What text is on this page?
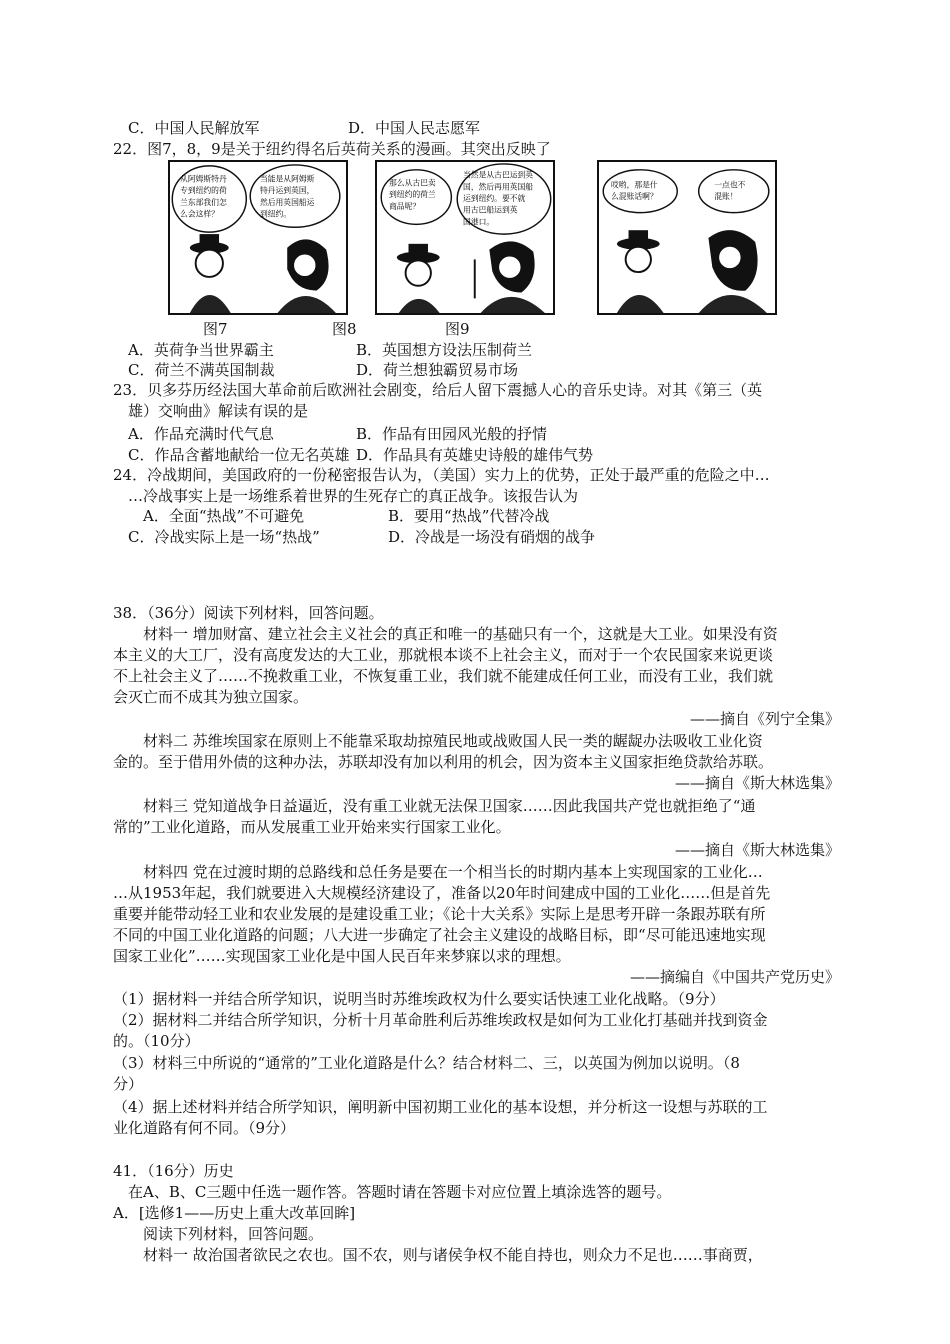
C．中国人民解放军	D．中国人民志愿军
22．图7，8，9是关于纽约得名后英荷关系的漫画。其突出反映了
从阿姆斯特丹
专到纽约的荷
兰东部我们怎
么会这样？
当能是从阿姆斯
特丹运到英国，
然后用英国船运
到纽约。
那么从古巴卖
到纽约的荷兰
商品呢？
当然是从古巴运到英
国，然后再用英国船
运到纽约。要不就
用古巴船运到英
国港口。
哎哟，那是什
么混账话啊？
一点也不
混账！
图7	图8	图9
A．英荷争当世界霸主	B．英国想方设法压制荷兰
C．荷兰不满英国制裁	D．荷兰想独霸贸易市场
23．贝多芬历经法国大革命前后欧洲社会剧变，给后人留下震撼人心的音乐史诗。对其《第三（英
雄）交响曲》解读有误的是
A．作品充满时代气息	B．作品有田园风光般的抒情
C．作品含蓄地献给一位无名英雄 D．作品具有英雄史诗般的雄伟气势
24．冷战期间，美国政府的一份秘密报告认为，（美国）实力上的优势，正处于最严重的危险之中…
…冷战事实上是一场维系着世界的生死存亡的真正战争。该报告认为
A．全面“热战”不可避免	B．要用“热战”代替冷战
C．冷战实际上是一场“热战”	D．冷战是一场没有硝烟的战争
38．（36分）阅读下列材料，回答问题。
材料一 增加财富、建立社会主义社会的真正和唯一的基础只有一个，这就是大工业。如果没有资
本主义的大工厂，没有高度发达的大工业，那就根本谈不上社会主义，而对于一个农民国家来说更谈
不上社会主义了……不挽救重工业，不恢复重工业，我们就不能建成任何工业，而没有工业，我们就
会灭亡而不成其为独立国家。
——摘自《列宁全集》
材料二 苏维埃国家在原则上不能靠采取劫掠殖民地或战败国人民一类的龌龊办法吸收工业化资
金的。至于借用外债的这种办法，苏联却没有加以利用的机会，因为资本主义国家拒绝贷款给苏联。
——摘自《斯大林选集》
材料三 党知道战争日益逼近，没有重工业就无法保卫国家……因此我国共产党也就拒绝了“通
常的”工业化道路，而从发展重工业开始来实行国家工业化。
——摘自《斯大林选集》
材料四 党在过渡时期的总路线和总任务是要在一个相当长的时期内基本上实现国家的工业化…
…从1953年起，我们就要进入大规模经济建设了，准备以20年时间建成中国的工业化……但是首先
重要并能带动轻工业和农业发展的是建设重工业；《论十大关系》实际上是思考开辟一条跟苏联有所
不同的中国工业化道路的问题；八大进一步确定了社会主义建设的战略目标，即“尽可能迅速地实现
国家工业化”……实现国家工业化是中国人民百年来梦寐以求的理想。
——摘编自《中国共产党历史》
（1）据材料一并结合所学知识，说明当时苏维埃政权为什么要实话快速工业化战略。（9分）
（2）据材料二并结合所学知识，分析十月革命胜利后苏维埃政权是如何为工业化打基础并找到资金
的。（10分）
（3）材料三中所说的“通常的”工业化道路是什么？结合材料二、三，以英国为例加以说明。（8
分）
（4）据上述材料并结合所学知识，阐明新中国初期工业化的基本设想，并分析这一设想与苏联的工
业化道路有何不同。（9分）
41．（16分）历史
在A、B、C三题中任选一题作答。答题时请在答题卡对应位置上填涂选答的题号。
A．[选修1——历史上重大改革回眸]
阅读下列材料，回答问题。
材料一 故治国者欲民之农也。国不农，则与诸侯争权不能自持也，则众力不足也……事商贾，
